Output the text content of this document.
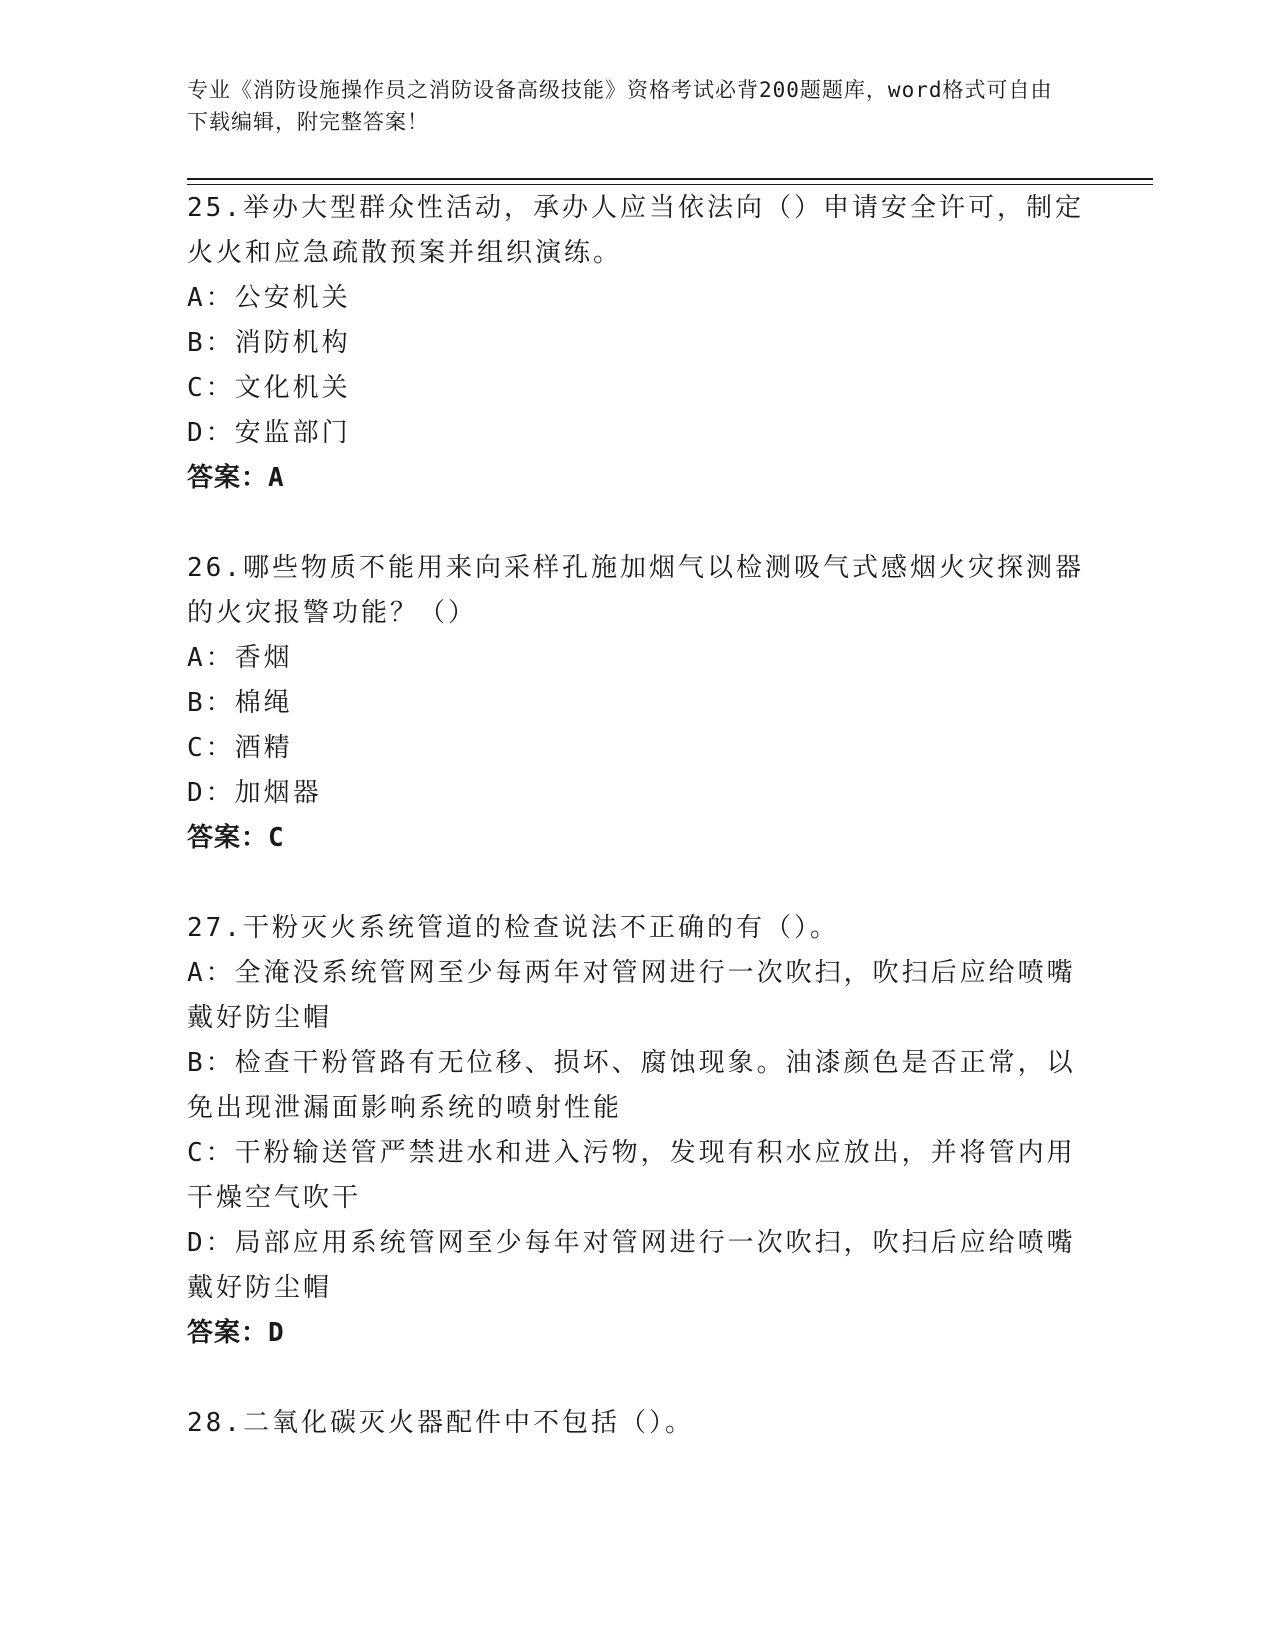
专业《消防设施操作员之消防设备高级技能》资格考试必背200题题库，word格式可自由下载编辑，附完整答案！

25.举办大型群众性活动，承办人应当依法向（）申请安全许可，制定火火和应急疏散预案并组织演练。

A：公安机关

B：消防机构

C：文化机关

D：安监部门

答案：A

26.哪些物质不能用来向采样孔施加烟气以检测吸气式感烟火灾探测器的火灾报警功能？（）

A：香烟

B：棉绳

C：酒精

D：加烟器

答案：C

27.干粉灭火系统管道的检查说法不正确的有（）。

A：全淹没系统管网至少每两年对管网进行一次吹扫，吹扫后应给喷嘴戴好防尘帽

B：检查干粉管路有无位移、损坏、腐蚀现象。油漆颜色是否正常，以免出现泄漏面影响系统的喷射性能

C：干粉输送管严禁进水和进入污物，发现有积水应放出，并将管内用干燥空气吹干

D：局部应用系统管网至少每年对管网进行一次吹扫，吹扫后应给喷嘴戴好防尘帽

答案：D

28.二氧化碳灭火器配件中不包括（）。
